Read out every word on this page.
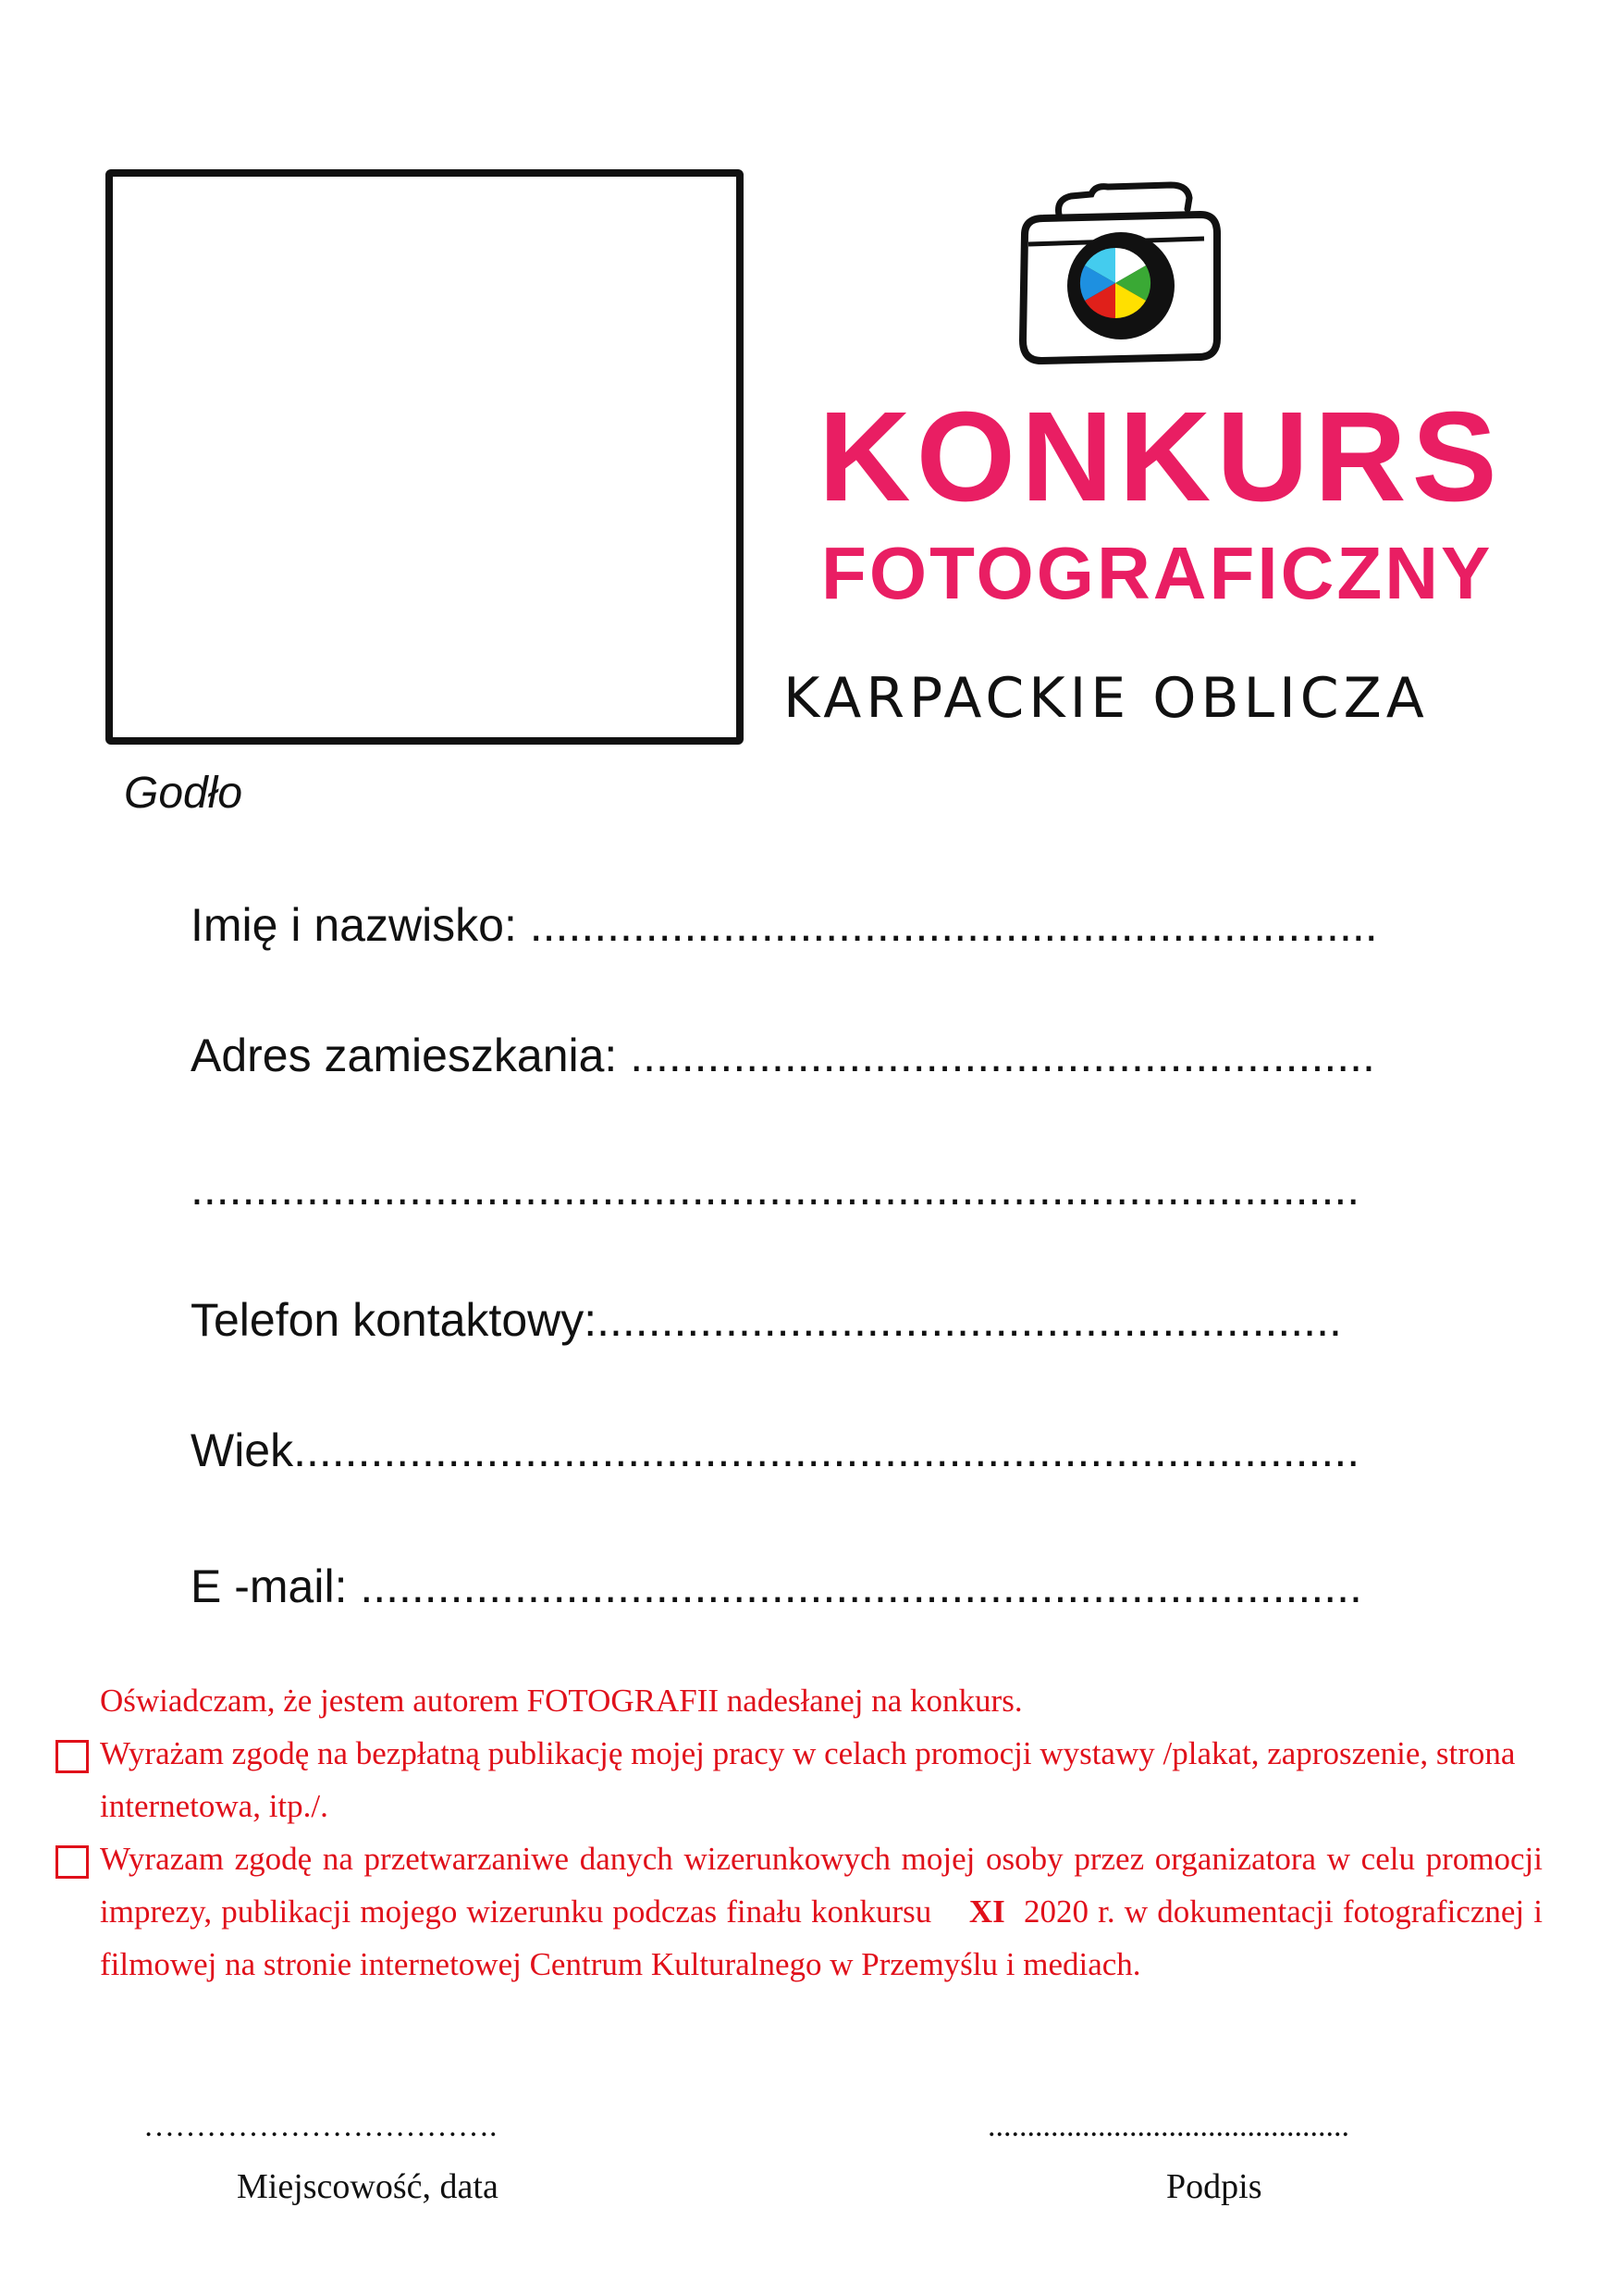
Godło
KONKURS
FOTOGRAFICZNY
KARPACKIE OBLICZA
Imię i nazwisko: ..................................................................
Adres zamieszkania: ..........................................................
...........................................................................................
Telefon kontaktowy:..........................................................
Wiek...................................................................................
E -mail: ..............................................................................
Oświadczam, że jestem autorem FOTOGRAFII nadesłanej na konkurs.
Wyrażam zgodę na bezpłatną publikację mojej pracy w celach promocji wystawy /plakat, zaproszenie, strona internetowa, itp./.
Wyrazam zgodę na przetwarzaniwe danych wizerunkowych mojej osoby przez organizatora w celu promocji imprezy, publikacji mojego wizerunku podczas finału konkursu XI 2020 r. w dokumentacji fotograficznej i filmowej na stronie internetowej Centrum Kulturalnego w Przemyślu i mediach.
…………………………….
Miejscowość, data
..............................................
Podpis
